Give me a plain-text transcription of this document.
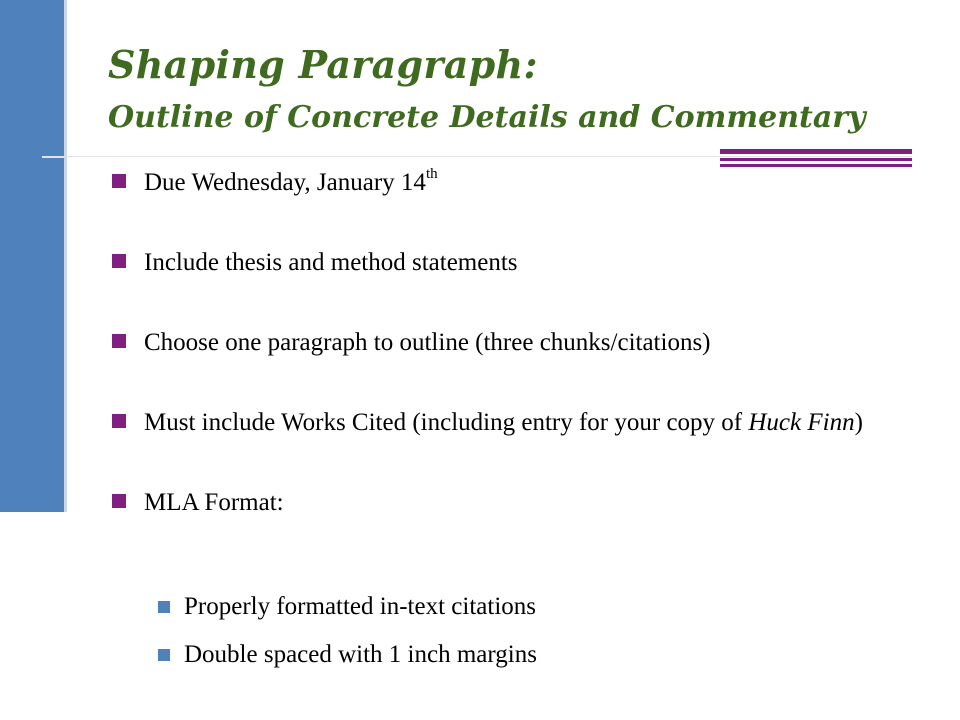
Shaping Paragraph:
Outline of Concrete Details and Commentary
Due Wednesday, January 14th
Include thesis and method statements
Choose one paragraph to outline (three chunks/citations)
Must include Works Cited (including entry for your copy of Huck Finn)
MLA Format:
Properly formatted in-text citations
Double spaced with 1 inch margins
